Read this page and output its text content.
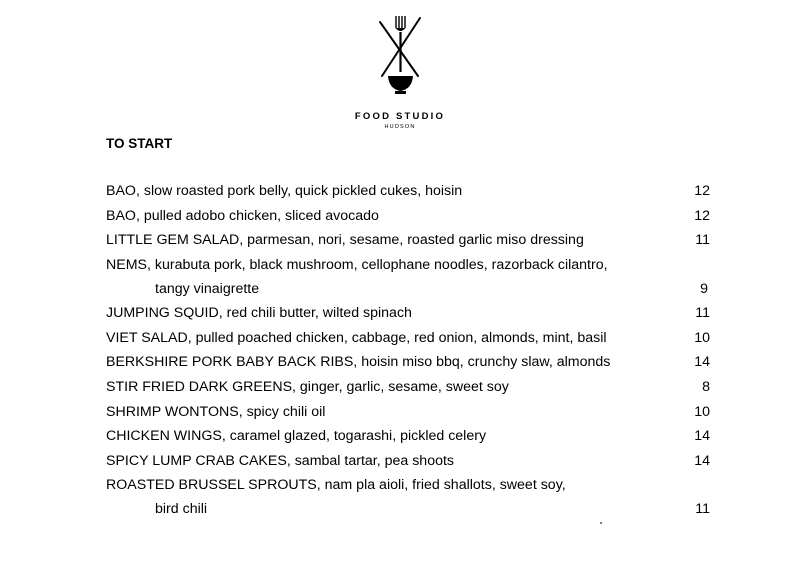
FOOD STUDIO
HUDSON
TO START
BAO, slow roasted pork belly, quick pickled cukes, hoisin	12
BAO, pulled adobo chicken, sliced avocado	12
LITTLE GEM SALAD, parmesan, nori, sesame, roasted garlic miso dressing	11
NEMS, kurabuta pork, black mushroom, cellophane noodles, razorback cilantro,
tangy vinaigrette	9
JUMPING SQUID, red chili butter, wilted spinach	11
VIET SALAD, pulled poached chicken, cabbage, red onion, almonds, mint, basil	10
BERKSHIRE PORK BABY BACK RIBS, hoisin miso bbq, crunchy slaw, almonds	14
STIR FRIED DARK GREENS, ginger, garlic, sesame, sweet soy	8
SHRIMP WONTONS, spicy chili oil	10
CHICKEN WINGS, caramel glazed, togarashi, pickled celery	14
SPICY LUMP CRAB CAKES, sambal tartar, pea shoots	14
ROASTED BRUSSEL SPROUTS, nam pla aioli, fried shallots, sweet soy,
bird chili	11
